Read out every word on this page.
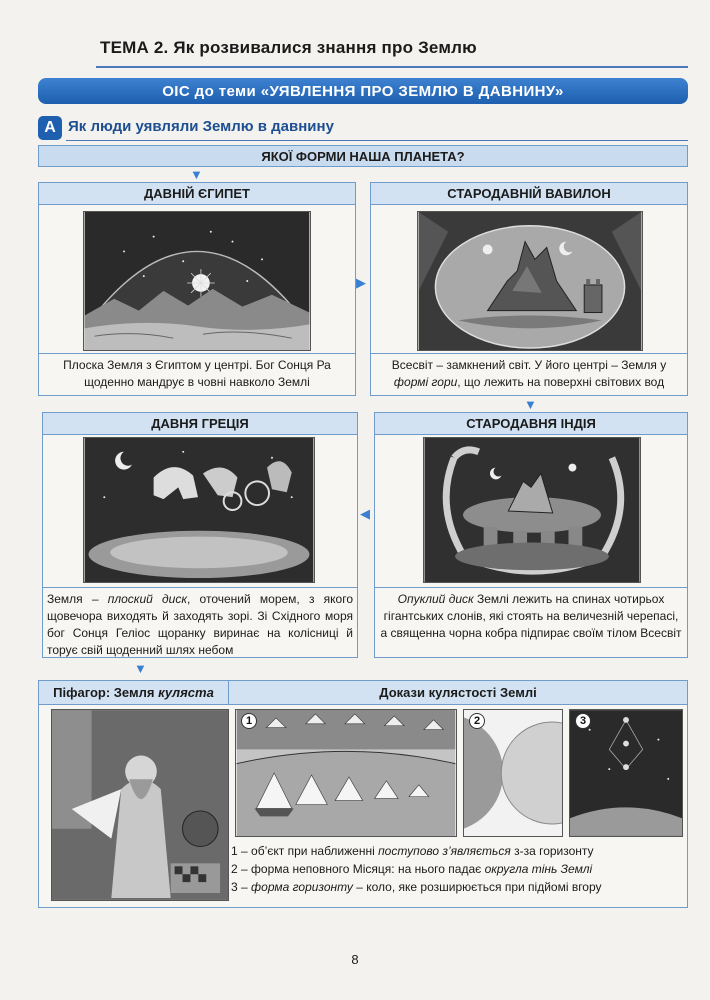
ТЕМА 2. Як розвивалися знання про Землю
ОІС до теми «УЯВЛЕННЯ ПРО ЗЕМЛЮ В ДАВНИНУ»
А Як люди уявляли Землю в давнину
ЯКОЇ ФОРМИ НАША ПЛАНЕТА?
▼
ДАВНІЙ ЄГИПЕТ
Плоска Земля з Єгиптом у центрі. Бог Сонця Ра
щоденно мандрує в човні навколо Землі
▶
СТАРОДАВНІЙ ВАВИЛОН
Всесвіт – замкнений світ. У його центрі – Земля у
формі гори, що лежить на поверхні світових вод
▼
ДАВНЯ ГРЕЦІЯ
Земля – плоский диск, оточений морем, з якого щовечора виходять й заходять зорі. Зі Східного моря бог Сонця Геліос щоранку виринає на колісниці й торує свій щоденний шлях небом
◀
СТАРОДАВНЯ ІНДІЯ
Опуклий диск Землі лежить на спинах чотирьох гігантських слонів, які стоять на величезній черепасі, а священна чорна кобра підпирає своїм тілом Всесвіт
▼
Піфагор: Земля
куляста	Докази кулястості Землі
1	2	3
1 – об’єкт при наближенні поступово з’являється з-за горизонту
2 – форма неповного Місяця: на нього падає округла тінь Землі
3 – форма горизонту – коло, яке розширюється при підйомі вгору
8
